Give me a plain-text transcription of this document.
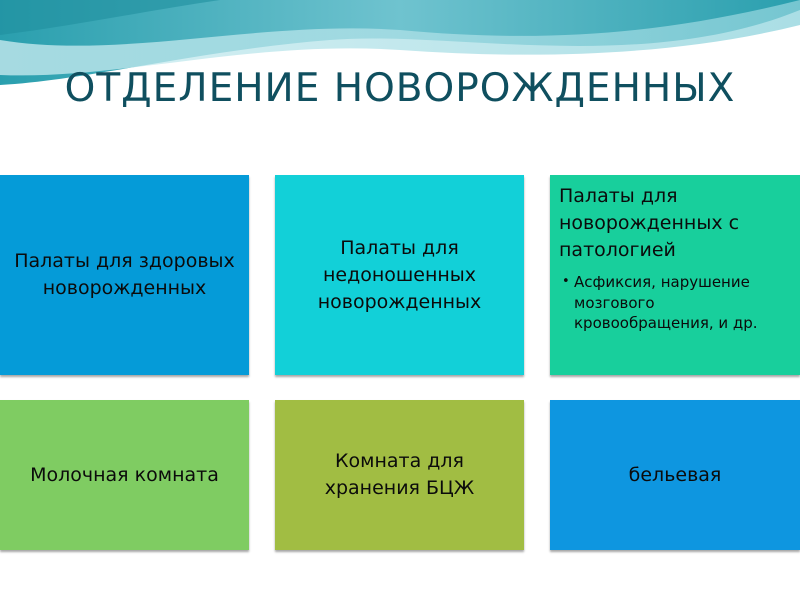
ОТДЕЛЕНИЕ НОВОРОЖДЕННЫХ
Палаты для здоровых новорожденных
Палаты для недоношенных новорожденных
Палаты для новорожденных с патологией
• Асфиксия, нарушение мозгового кровообращения, и др.
Молочная комната
Комната для хранения БЦЖ
бельевая
